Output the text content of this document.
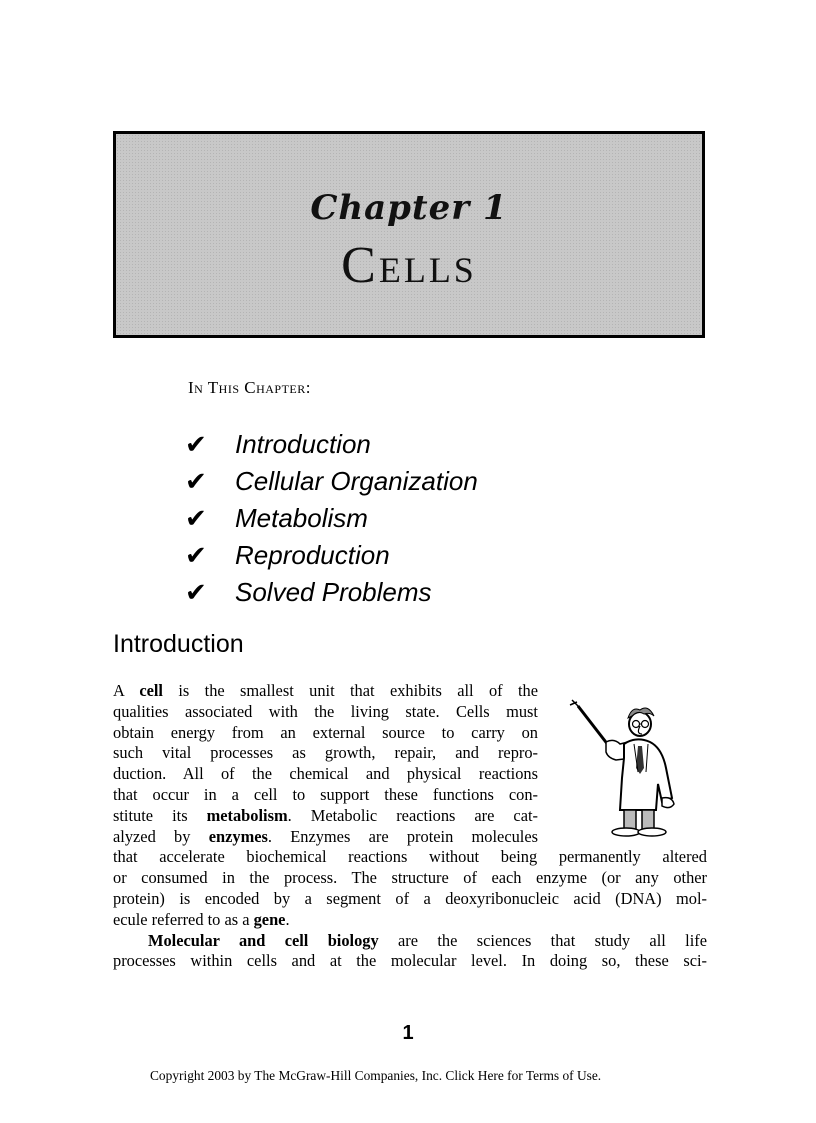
Chapter 1
Cells
In This Chapter:
✔	Introduction
✔	Cellular Organization
✔	Metabolism
✔	Reproduction
✔	Solved Problems
Introduction
A cell is the smallest unit that exhibits all of the
qualities associated with the living state. Cells must
obtain energy from an external source to carry on
such vital processes as growth, repair, and repro-
duction. All of the chemical and physical reactions
that occur in a cell to support these functions con-
stitute its metabolism. Metabolic reactions are cat-
alyzed by enzymes. Enzymes are protein molecules
that accelerate biochemical reactions without being permanently altered
or consumed in the process. The structure of each enzyme (or any other
protein) is encoded by a segment of a deoxyribonucleic acid (DNA) mol-
ecule referred to as a gene.
Molecular and cell biology are the sciences that study all life
processes within cells and at the molecular level. In doing so, these sci-
1
Copyright 2003 by The McGraw-Hill Companies, Inc. Click Here for Terms of Use.
